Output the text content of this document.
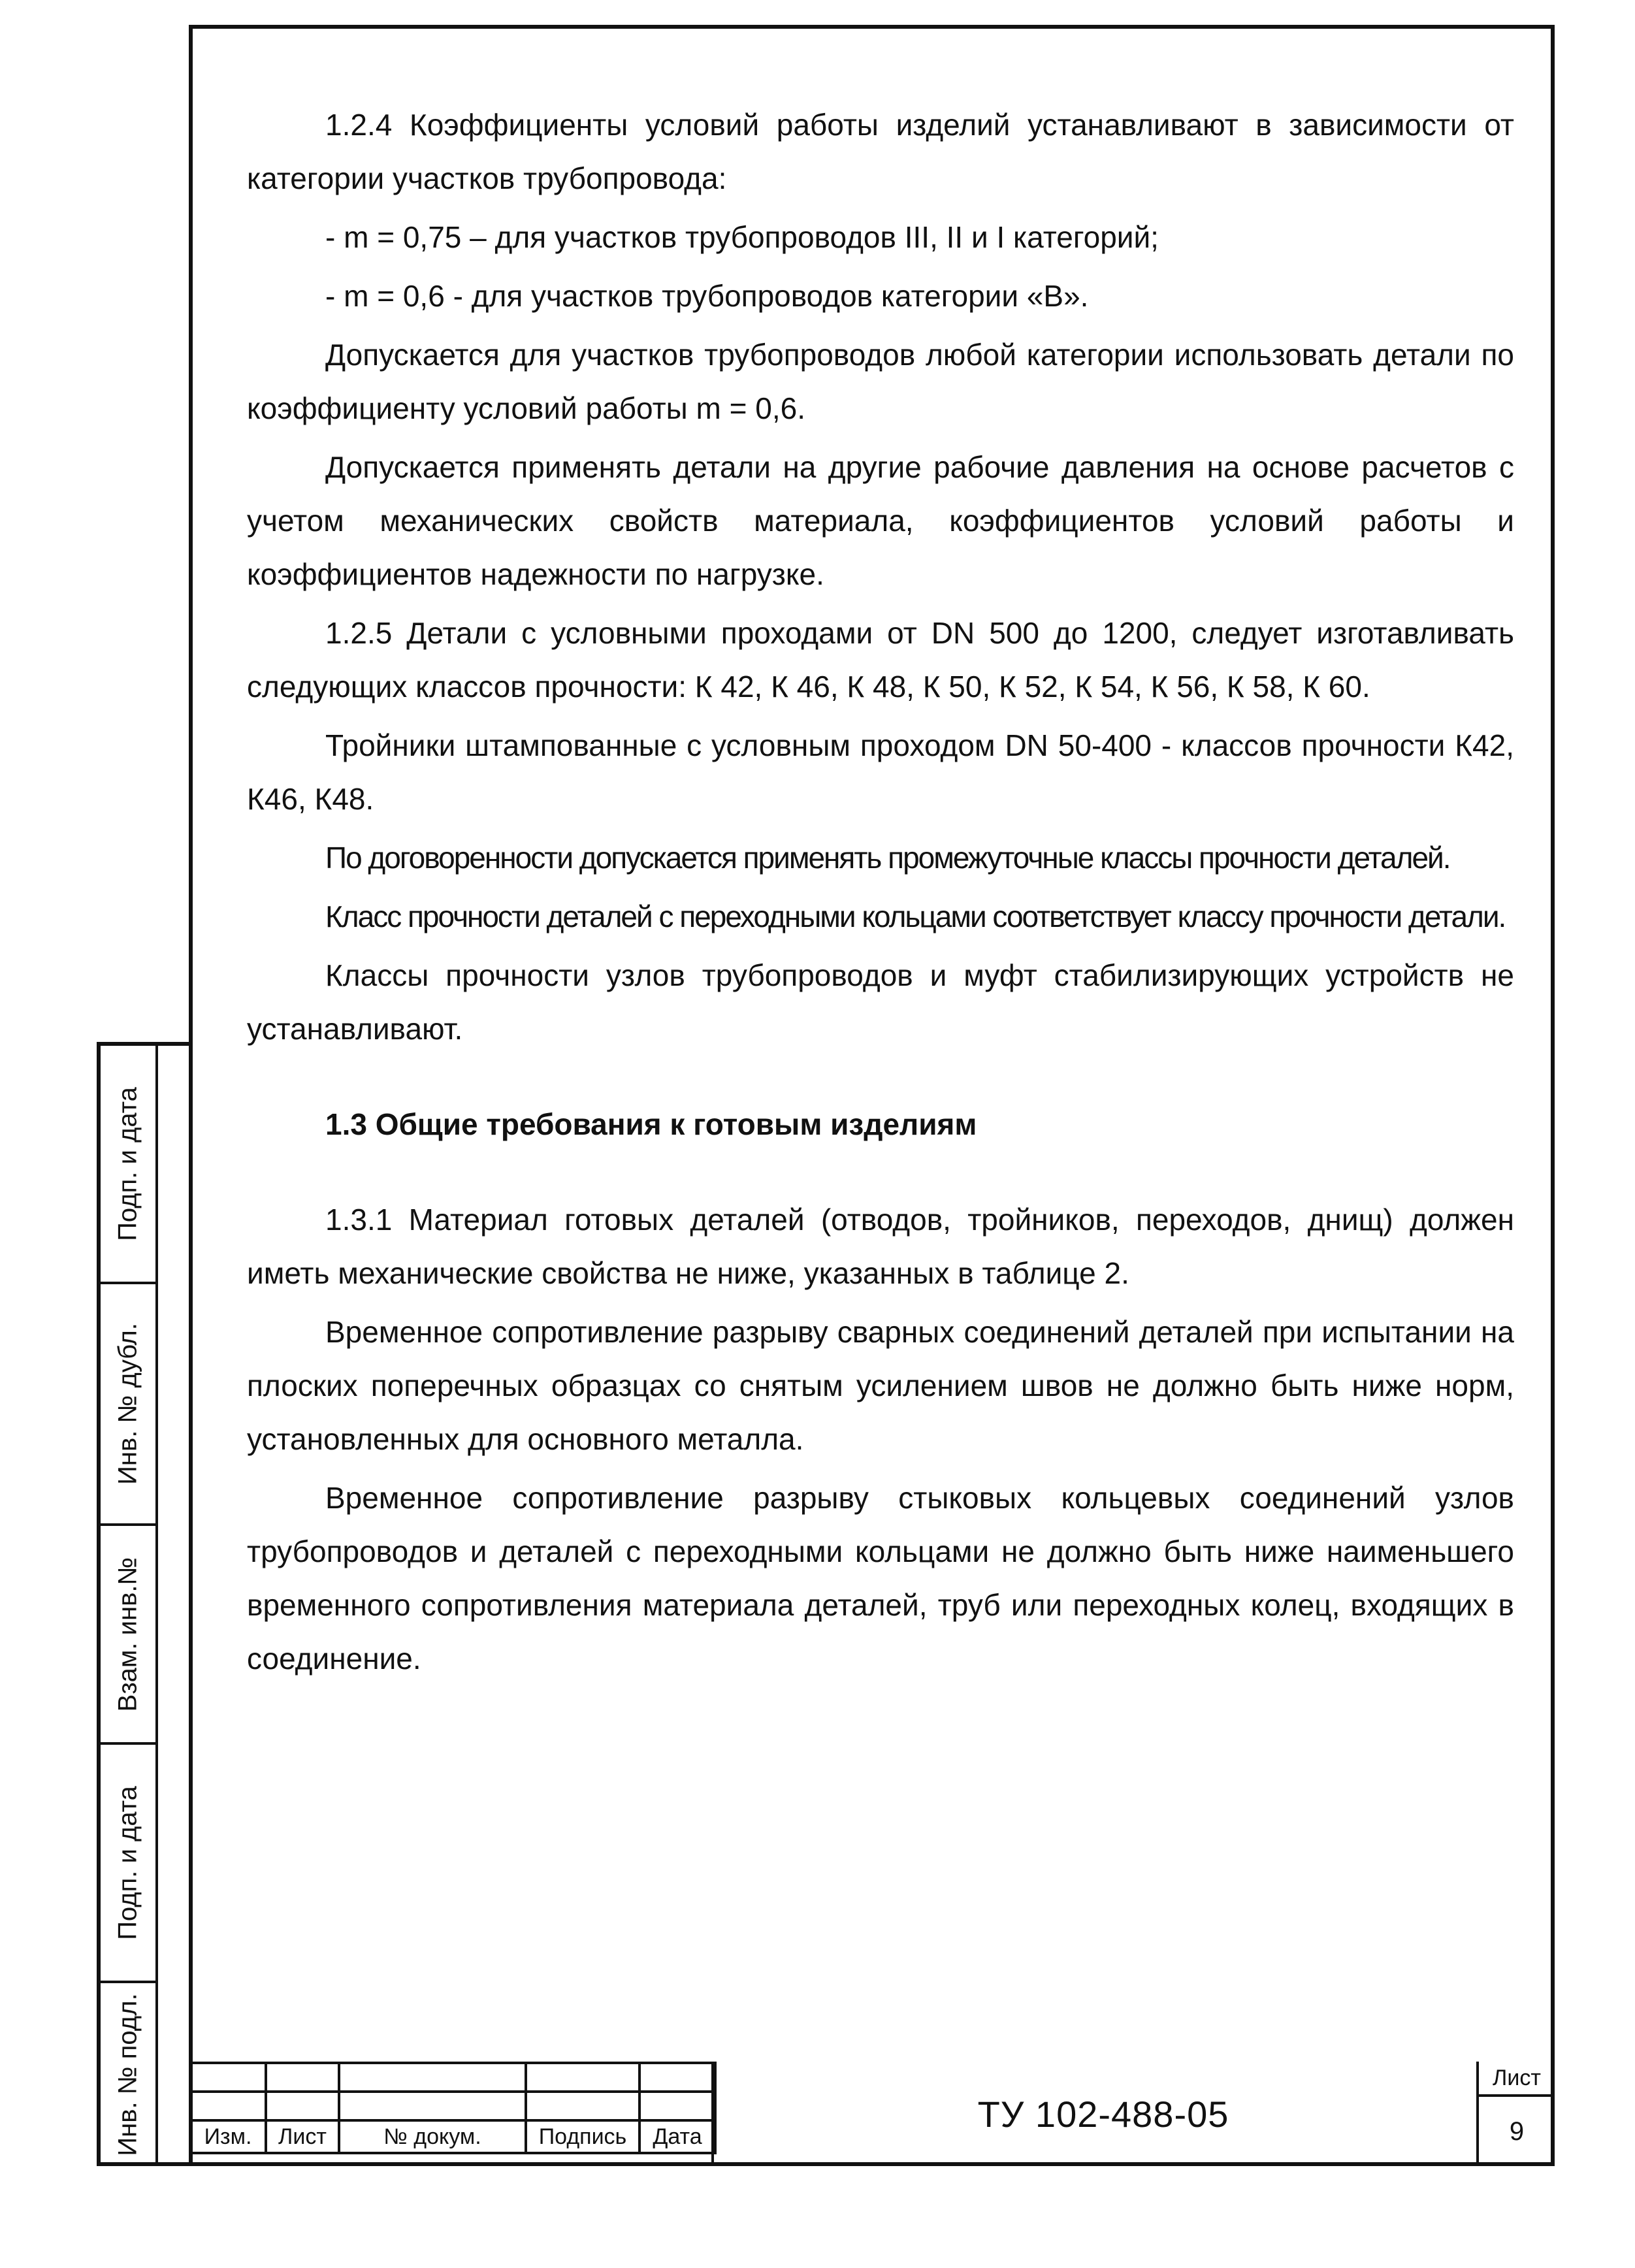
Подп. и дата
Инв. № дубл.
Взам. инв.№
Подп. и дата
Инв. № подл.

1.2.4 Коэффициенты условий работы изделий устанавливают в зависимости от категории участков трубопровода:

- m = 0,75 – для участков трубопроводов III, II и I категорий;

- m = 0,6 - для участков трубопроводов категории «В».

Допускается для участков трубопроводов любой категории использовать детали по коэффициенту условий работы m = 0,6.

Допускается применять детали на другие рабочие давления на основе расчетов с учетом механических свойств материала, коэффициентов условий работы и коэффициентов надежности по нагрузке.

1.2.5 Детали с условными проходами от DN 500 до 1200, следует изготавливать следующих классов прочности: К 42, К 46, К 48, К 50, К 52, К 54, К 56, К 58, К 60.

Тройники штампованные с условным проходом DN 50-400 - классов прочности К42, К46, К48.

По договоренности допускается применять промежуточные классы прочности деталей.

Класс прочности деталей с переходными кольцами соответствует классу прочности детали.

Классы прочности узлов трубопроводов и муфт стабилизирующих устройств не устанавливают.

1.3 Общие требования к готовым изделиям

1.3.1 Материал готовых деталей (отводов, тройников, переходов, днищ) должен иметь механические свойства не ниже, указанных в таблице 2.

Временное сопротивление разрыву сварных соединений деталей при испытании на плоских поперечных образцах со снятым усилением швов не должно быть ниже норм, установленных для основного металла.

Временное сопротивление разрыву стыковых кольцевых соединений узлов трубопроводов и деталей с переходными кольцами не должно быть ниже наименьшего временного сопротивления материала деталей, труб или переходных колец, входящих в соединение.

Изм.	Лист	№ докум.	Подпись	Дата
ТУ 102-488-05
Лист
9
